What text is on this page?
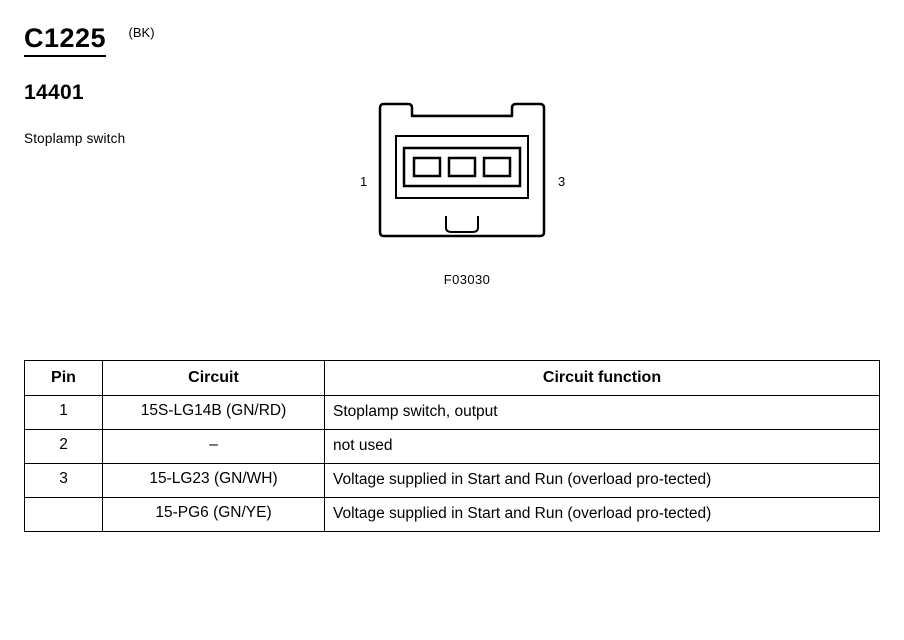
C1225 (BK)
14401
Stoplamp switch
1	3
F03030
Pin	Circuit	Circuit function
1	15S-LG14B (GN/RD)	Stoplamp switch, output

2	–	not used

3	15-LG23 (GN/WH)	Voltage supplied in Start and Run (overload pro-tected)

	15-PG6 (GN/YE)	Voltage supplied in Start and Run (overload pro-tected)
